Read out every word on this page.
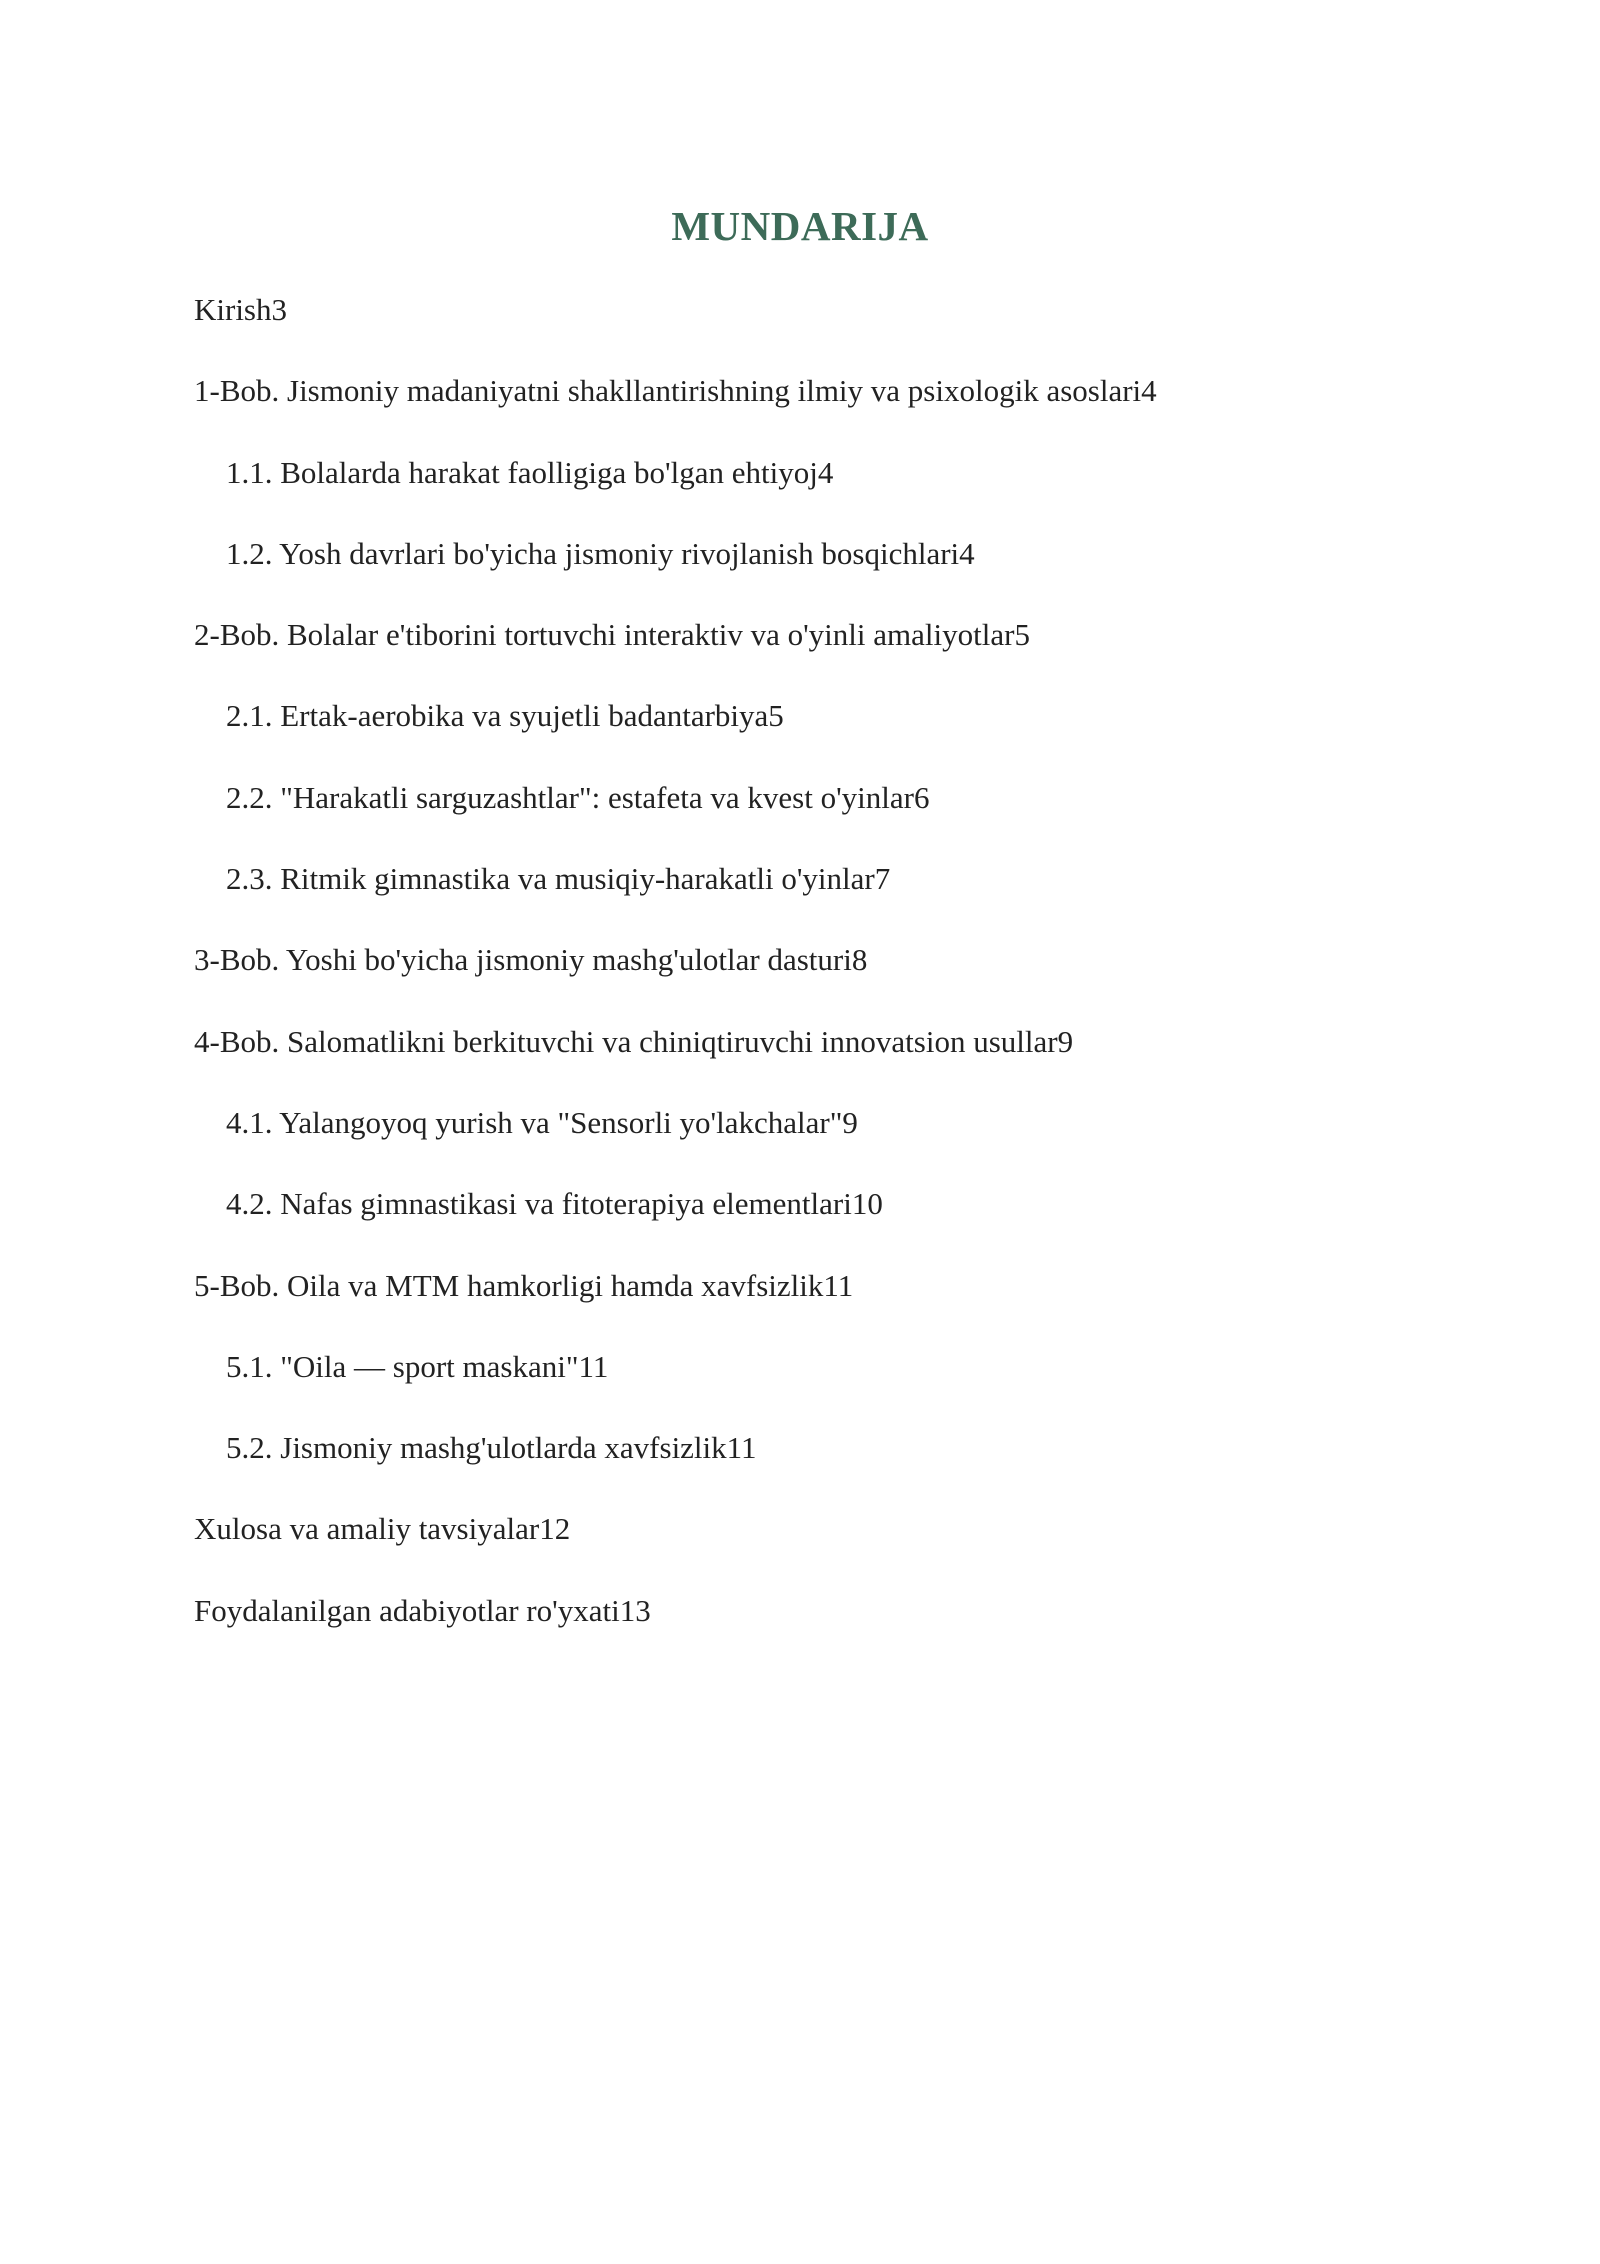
MUNDARIJA
Kirish3
1-Bob. Jismoniy madaniyatni shakllantirishning ilmiy va psixologik asoslari4
1.1. Bolalarda harakat faolligiga bo'lgan ehtiyoj4
1.2. Yosh davrlari bo'yicha jismoniy rivojlanish bosqichlari4
2-Bob. Bolalar e'tiborini tortuvchi interaktiv va o'yinli amaliyotlar5
2.1. Ertak-aerobika va syujetli badantarbiya5
2.2. "Harakatli sarguzashtlar": estafeta va kvest o'yinlar6
2.3. Ritmik gimnastika va musiqiy-harakatli o'yinlar7
3-Bob. Yoshi bo'yicha jismoniy mashg'ulotlar dasturi8
4-Bob. Salomatlikni berkituvchi va chiniqtiruvchi innovatsion usullar9
4.1. Yalangoyoq yurish va "Sensorli yo'lakchalar"9
4.2. Nafas gimnastikasi va fitoterapiya elementlari10
5-Bob. Oila va MTM hamkorligi hamda xavfsizlik11
5.1. "Oila — sport maskani"11
5.2. Jismoniy mashg'ulotlarda xavfsizlik11
Xulosa va amaliy tavsiyalar12
Foydalanilgan adabiyotlar ro'yxati13
